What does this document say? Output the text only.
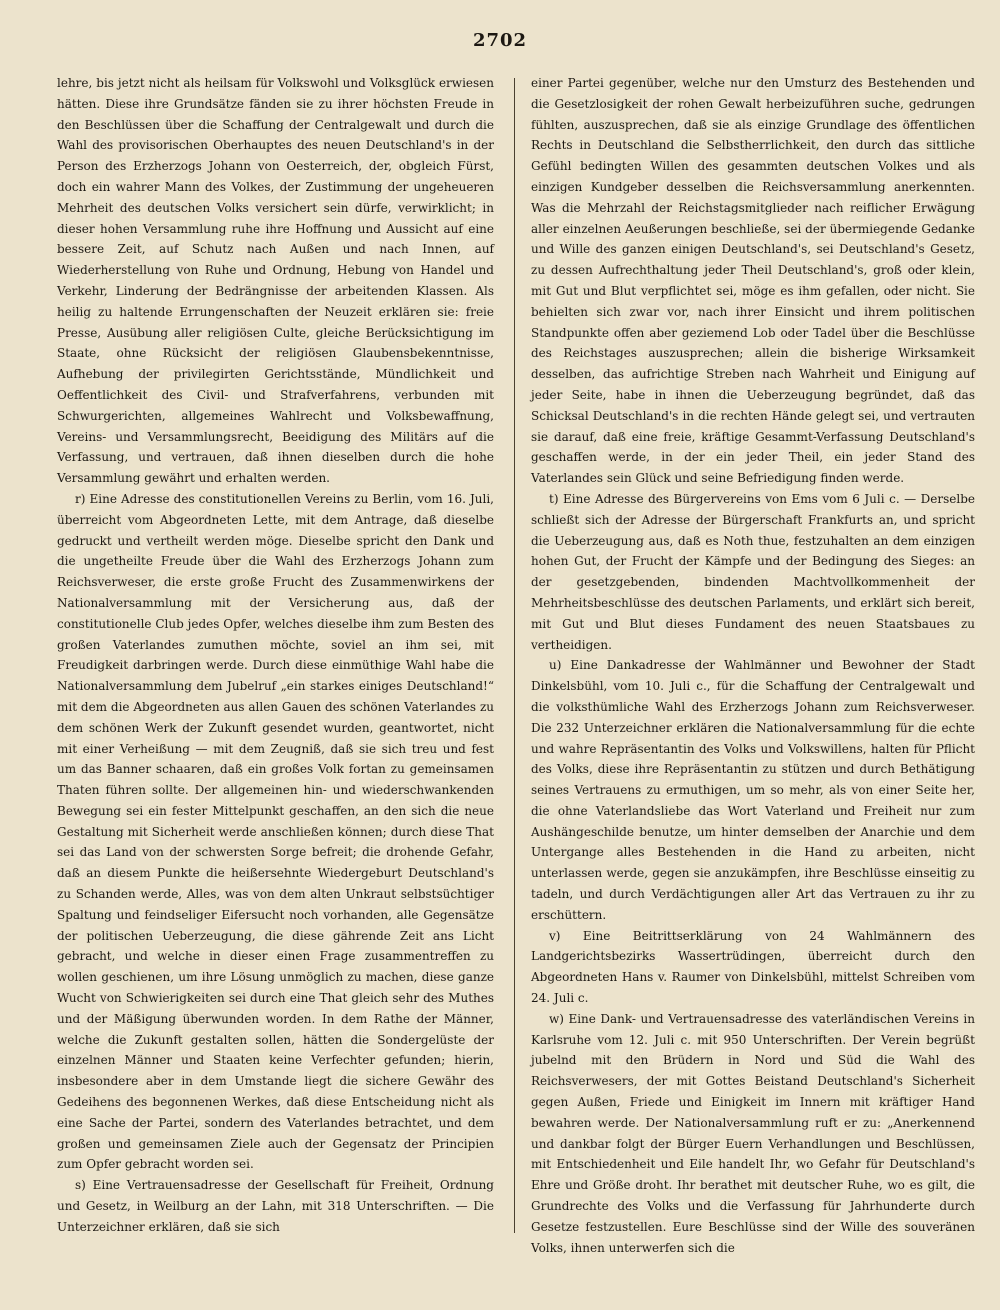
2702

lehre, bis jetzt nicht als heilsam für Volkswohl und Volksglück erwiesen hätten. Diese ihre Grundsätze fänden sie zu ihrer höchsten Freude in den Beschlüssen über die Schaffung der Centralgewalt und durch die Wahl des provisorischen Oberhauptes des neuen Deutschland's in der Person des Erzherzogs Johann von Oesterreich, der, obgleich Fürst, doch ein wahrer Mann des Volkes, der Zustimmung der ungeheueren Mehrheit des deutschen Volks versichert sein dürfe, verwirklicht; in dieser hohen Versammlung ruhe ihre Hoffnung und Aussicht auf eine bessere Zeit, auf Schutz nach Außen und nach Innen, auf Wiederherstellung von Ruhe und Ordnung, Hebung von Handel und Verkehr, Linderung der Bedrängnisse der arbeitenden Klassen. Als heilig zu haltende Errungenschaften der Neuzeit erklären sie: freie Presse, Ausübung aller religiösen Culte, gleiche Berücksichtigung im Staate, ohne Rücksicht der religiösen Glaubensbekenntnisse, Aufhebung der privilegirten Gerichtsstände, Mündlichkeit und Oeffentlichkeit des Civil- und Strafverfahrens, verbunden mit Schwurgerichten, allgemeines Wahlrecht und Volksbewaffnung, Vereins- und Versammlungsrecht, Beeidigung des Militärs auf die Verfassung, und vertrauen, daß ihnen dieselben durch die hohe Versammlung gewährt und erhalten werden.

r) Eine Adresse des constitutionellen Vereins zu Berlin, vom 16. Juli, überreicht vom Abgeordneten Lette, mit dem Antrage, daß dieselbe gedruckt und vertheilt werden möge. Dieselbe spricht den Dank und die ungetheilte Freude über die Wahl des Erzherzogs Johann zum Reichsverweser, die erste große Frucht des Zusammenwirkens der Nationalversammlung mit der Versicherung aus, daß der constitutionelle Club jedes Opfer, welches dieselbe ihm zum Besten des großen Vaterlandes zumuthen möchte, soviel an ihm sei, mit Freudigkeit darbringen werde. Durch diese einmüthige Wahl habe die Nationalversammlung dem Jubelruf „ein starkes einiges Deutschland!“ mit dem die Abgeordneten aus allen Gauen des schönen Vaterlandes zu dem schönen Werk der Zukunft gesendet wurden, geantwortet, nicht mit einer Verheißung — mit dem Zeugniß, daß sie sich treu und fest um das Banner schaaren, daß ein großes Volk fortan zu gemeinsamen Thaten führen sollte. Der allgemeinen hin- und wiederschwankenden Bewegung sei ein fester Mittelpunkt geschaffen, an den sich die neue Gestaltung mit Sicherheit werde anschließen können; durch diese That sei das Land von der schwersten Sorge befreit; die drohende Gefahr, daß an diesem Punkte die heißersehnte Wiedergeburt Deutschland's zu Schanden werde, Alles, was von dem alten Unkraut selbstsüchtiger Spaltung und feindseliger Eifersucht noch vorhanden, alle Gegensätze der politischen Ueberzeugung, die diese gährende Zeit ans Licht gebracht, und welche in dieser einen Frage zusammentreffen zu wollen geschienen, um ihre Lösung unmöglich zu machen, diese ganze Wucht von Schwierigkeiten sei durch eine That gleich sehr des Muthes und der Mäßigung überwunden worden. In dem Rathe der Männer, welche die Zukunft gestalten sollen, hätten die Sondergelüste der einzelnen Männer und Staaten keine Verfechter gefunden; hierin, insbesondere aber in dem Umstande liegt die sichere Gewähr des Gedeihens des begonnenen Werkes, daß diese Entscheidung nicht als eine Sache der Partei, sondern des Vaterlandes betrachtet, und dem großen und gemeinsamen Ziele auch der Gegensatz der Principien zum Opfer gebracht worden sei.

s) Eine Vertrauensadresse der Gesellschaft für Freiheit, Ordnung und Gesetz, in Weilburg an der Lahn, mit 318 Unterschriften. — Die Unterzeichner erklären, daß sie sich

einer Partei gegenüber, welche nur den Umsturz des Bestehenden und die Gesetzlosigkeit der rohen Gewalt herbeizuführen suche, gedrungen fühlten, auszusprechen, daß sie als einzige Grundlage des öffentlichen Rechts in Deutschland die Selbstherrlichkeit, den durch das sittliche Gefühl bedingten Willen des gesammten deutschen Volkes und als einzigen Kundgeber desselben die Reichsversammlung anerkennten. Was die Mehrzahl der Reichstagsmitglieder nach reiflicher Erwägung aller einzelnen Aeußerungen beschließe, sei der übermiegende Gedanke und Wille des ganzen einigen Deutschland's, sei Deutschland's Gesetz, zu dessen Aufrechthaltung jeder Theil Deutschland's, groß oder klein, mit Gut und Blut verpflichtet sei, möge es ihm gefallen, oder nicht. Sie behielten sich zwar vor, nach ihrer Einsicht und ihrem politischen Standpunkte offen aber geziemend Lob oder Tadel über die Beschlüsse des Reichstages auszusprechen; allein die bisherige Wirksamkeit desselben, das aufrichtige Streben nach Wahrheit und Einigung auf jeder Seite, habe in ihnen die Ueberzeugung begründet, daß das Schicksal Deutschland's in die rechten Hände gelegt sei, und vertrauten sie darauf, daß eine freie, kräftige Gesammt-Verfassung Deutschland's geschaffen werde, in der ein jeder Theil, ein jeder Stand des Vaterlandes sein Glück und seine Befriedigung finden werde.

t) Eine Adresse des Bürgervereins von Ems vom 6 Juli c. — Derselbe schließt sich der Adresse der Bürgerschaft Frankfurts an, und spricht die Ueberzeugung aus, daß es Noth thue, festzuhalten an dem einzigen hohen Gut, der Frucht der Kämpfe und der Bedingung des Sieges: an der gesetzgebenden, bindenden Machtvollkommenheit der Mehrheitsbeschlüsse des deutschen Parlaments, und erklärt sich bereit, mit Gut und Blut dieses Fundament des neuen Staatsbaues zu vertheidigen.

u) Eine Dankadresse der Wahlmänner und Bewohner der Stadt Dinkelsbühl, vom 10. Juli c., für die Schaffung der Centralgewalt und die volksthümliche Wahl des Erzherzogs Johann zum Reichsverweser. Die 232 Unterzeichner erklären die Nationalversammlung für die echte und wahre Repräsentantin des Volks und Volkswillens, halten für Pflicht des Volks, diese ihre Repräsentantin zu stützen und durch Bethätigung seines Vertrauens zu ermuthigen, um so mehr, als von einer Seite her, die ohne Vaterlandsliebe das Wort Vaterland und Freiheit nur zum Aushängeschilde benutze, um hinter demselben der Anarchie und dem Untergange alles Bestehenden in die Hand zu arbeiten, nicht unterlassen werde, gegen sie anzukämpfen, ihre Beschlüsse einseitig zu tadeln, und durch Verdächtigungen aller Art das Vertrauen zu ihr zu erschüttern.

v) Eine Beitrittserklärung von 24 Wahlmännern des Landgerichtsbezirks Wassertrüdingen, überreicht durch den Abgeordneten Hans v. Raumer von Dinkelsbühl, mittelst Schreiben vom 24. Juli c.

w) Eine Dank- und Vertrauensadresse des vaterländischen Vereins in Karlsruhe vom 12. Juli c. mit 950 Unterschriften. Der Verein begrüßt jubelnd mit den Brüdern in Nord und Süd die Wahl des Reichsverwesers, der mit Gottes Beistand Deutschland's Sicherheit gegen Außen, Friede und Einigkeit im Innern mit kräftiger Hand bewahren werde. Der Nationalversammlung ruft er zu: „Anerkennend und dankbar folgt der Bürger Euern Verhandlungen und Beschlüssen, mit Entschiedenheit und Eile handelt Ihr, wo Gefahr für Deutschland's Ehre und Größe droht. Ihr berathet mit deutscher Ruhe, wo es gilt, die Grundrechte des Volks und die Verfassung für Jahrhunderte durch Gesetze festzustellen. Eure Beschlüsse sind der Wille des souveränen Volks, ihnen unterwerfen sich die
